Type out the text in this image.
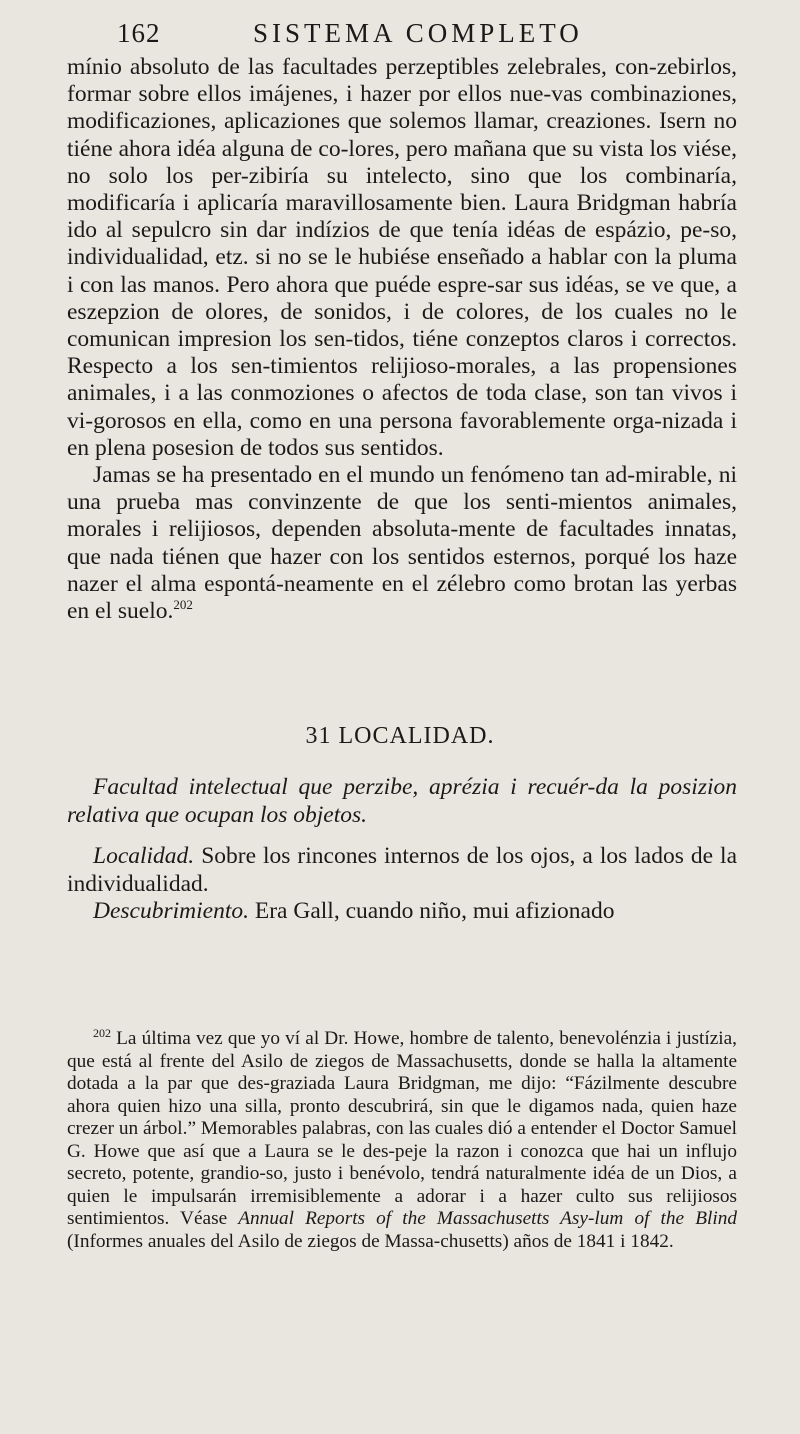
162	SISTEMA COMPLETO

mínio absoluto de las facultades perzeptibles zelebrales, con-zebirlos, formar sobre ellos imájenes, i hazer por ellos nue-vas combinaziones, modificaziones, aplicaziones que solemos llamar, creaziones. Isern no tiéne ahora idéa alguna de co-lores, pero mañana que su vista los viése, no solo los per-zibiría su intelecto, sino que los combinaría, modificaría i aplicaría maravillosamente bien. Laura Bridgman habría ido al sepulcro sin dar indízios de que tenía idéas de espázio, pe-so, individualidad, etz. si no se le hubiése enseñado a hablar con la pluma i con las manos. Pero ahora que puéde espre-sar sus idéas, se ve que, a eszepzion de olores, de sonidos, i de colores, de los cuales no le comunican impresion los sen-tidos, tiéne conzeptos claros i correctos. Respecto a los sen-timientos relijioso-morales, a las propensiones animales, i a las conmoziones o afectos de toda clase, son tan vivos i vi-gorosos en ella, como en una persona favorablemente orga-nizada i en plena posesion de todos sus sentidos.

Jamas se ha presentado en el mundo un fenómeno tan ad-mirable, ni una prueba mas convinzente de que los senti-mientos animales, morales i relijiosos, dependen absoluta-mente de facultades innatas, que nada tiénen que hazer con los sentidos esternos, porqué los haze nazer el alma espontá-neamente en el zélebro como brotan las yerbas en el suelo.$^{202}$

31 LOCALIDAD.

Facultad intelectual que perzibe, aprézia i recuér-da la posizion relativa que ocupan los objetos.

Localidad. Sobre los rincones internos de los ojos, a los lados de la individualidad.

Descubrimiento. Era Gall, cuando niño, mui afizionado

$^{202}$ La última vez que yo ví al Dr. Howe, hombre de talento, benevolénzia i justízia, que está al frente del Asilo de ziegos de Massachusetts, donde se halla la altamente dotada a la par que des-graziada Laura Bridgman, me dijo: “Fázilmente descubre ahora quien hizo una silla, pronto descubrirá, sin que le digamos nada, quien haze crezer un árbol.” Memorables palabras, con las cuales dió a entender el Doctor Samuel G. Howe que así que a Laura se le des-peje la razon i conozca que hai un influjo secreto, potente, grandio-so, justo i benévolo, tendrá naturalmente idéa de un Dios, a quien le impulsarán irremisiblemente a adorar i a hazer culto sus relijiosos sentimientos. Véase Annual Reports of the Massachusetts Asy-lum of the Blind (Informes anuales del Asilo de ziegos de Massa-chusetts) años de 1841 i 1842.
